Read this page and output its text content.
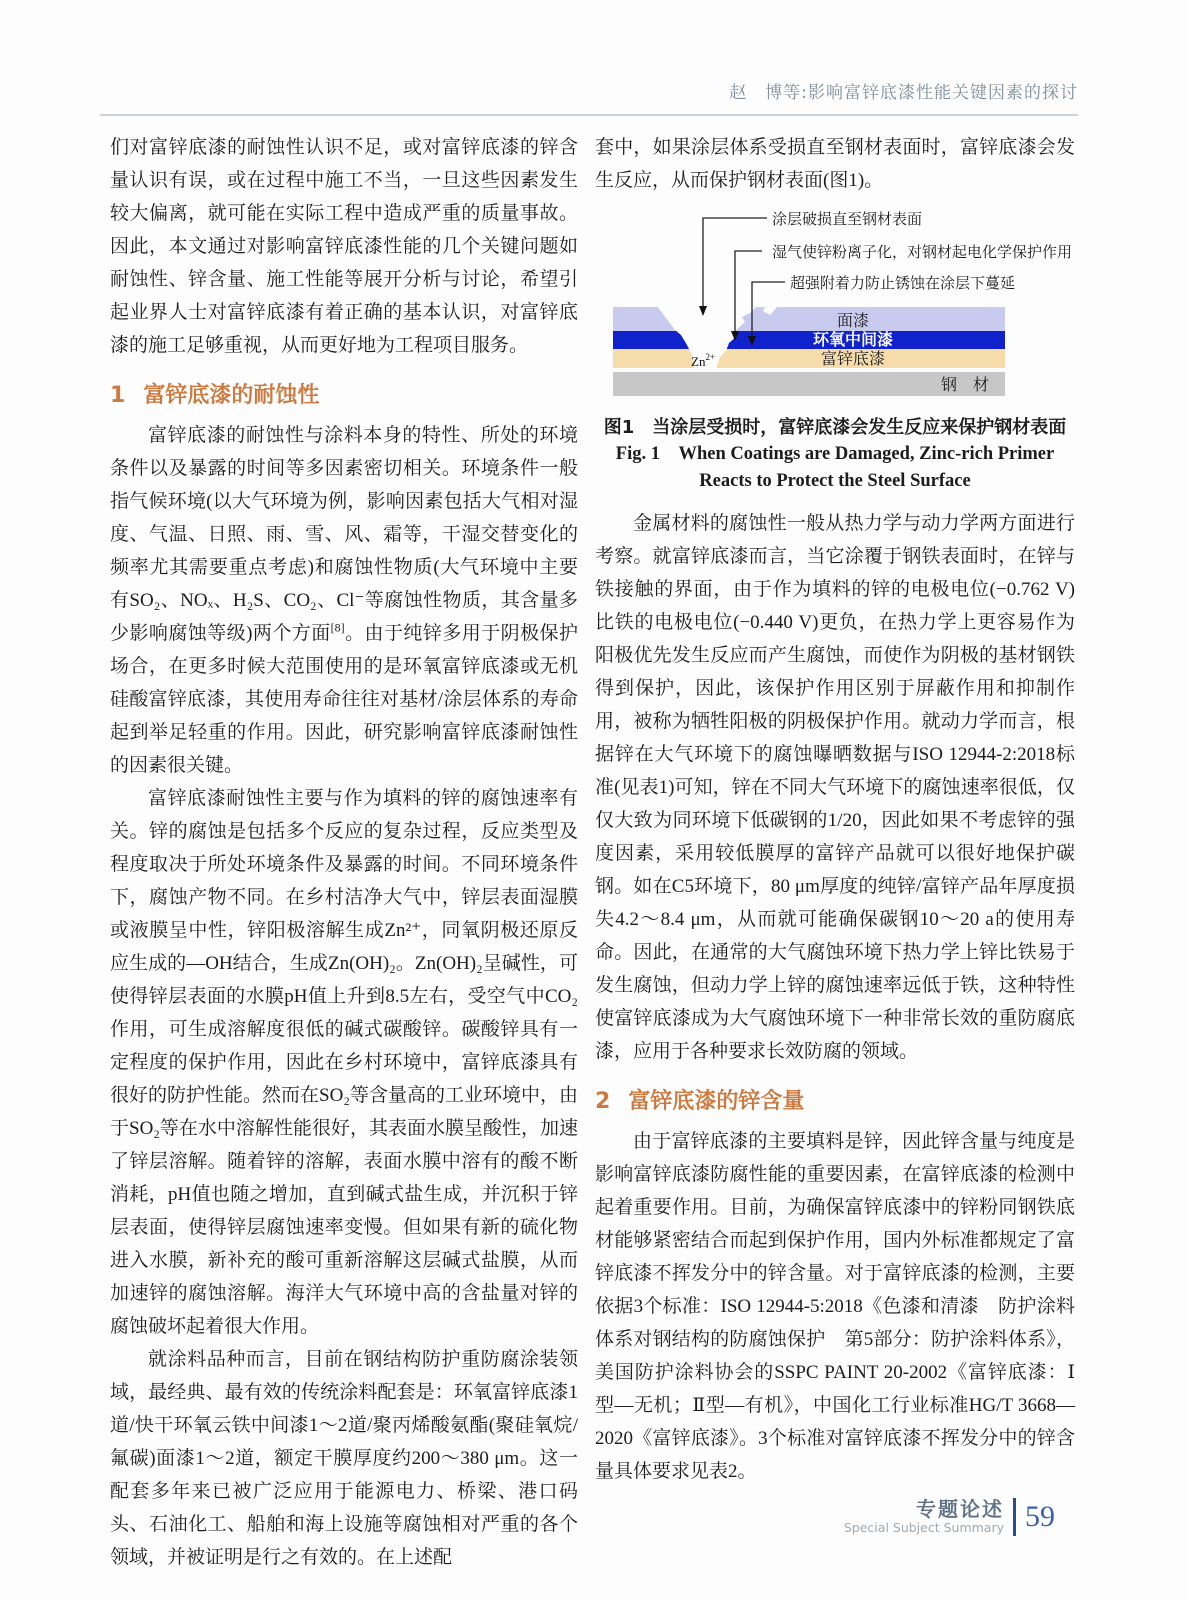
赵　博等:影响富锌底漆性能关键因素的探讨

们对富锌底漆的耐蚀性认识不足，或对富锌底漆的锌含量认识有误，或在过程中施工不当，一旦这些因素发生较大偏离，就可能在实际工程中造成严重的质量事故。因此，本文通过对影响富锌底漆性能的几个关键问题如耐蚀性、锌含量、施工性能等展开分析与讨论，希望引起业界人士对富锌底漆有着正确的基本认识，对富锌底漆的施工足够重视，从而更好地为工程项目服务。

1 富锌底漆的耐蚀性

富锌底漆的耐蚀性与涂料本身的特性、所处的环境条件以及暴露的时间等多因素密切相关。环境条件一般指气候环境(以大气环境为例，影响因素包括大气相对湿度、气温、日照、雨、雪、风、霜等，干湿交替变化的频率尤其需要重点考虑)和腐蚀性物质(大气环境中主要有SO₂、NOₓ、H₂S、CO₂、Cl⁻等腐蚀性物质，其含量多少影响腐蚀等级)两个方面[8]。由于纯锌多用于阴极保护场合，在更多时候大范围使用的是环氧富锌底漆或无机硅酸富锌底漆，其使用寿命往往对基材/涂层体系的寿命起到举足轻重的作用。因此，研究影响富锌底漆耐蚀性的因素很关键。

富锌底漆耐蚀性主要与作为填料的锌的腐蚀速率有关。锌的腐蚀是包括多个反应的复杂过程，反应类型及程度取决于所处环境条件及暴露的时间。不同环境条件下，腐蚀产物不同。在乡村洁净大气中，锌层表面湿膜或液膜呈中性，锌阳极溶解生成Zn²⁺，同氧阴极还原反应生成的—OH结合，生成Zn(OH)₂。Zn(OH)₂呈碱性，可使得锌层表面的水膜pH值上升到8.5左右，受空气中CO₂作用，可生成溶解度很低的碱式碳酸锌。碳酸锌具有一定程度的保护作用，因此在乡村环境中，富锌底漆具有很好的防护性能。然而在SO₂等含量高的工业环境中，由于SO₂等在水中溶解性能很好，其表面水膜呈酸性，加速了锌层溶解。随着锌的溶解，表面水膜中溶有的酸不断消耗，pH值也随之增加，直到碱式盐生成，并沉积于锌层表面，使得锌层腐蚀速率变慢。但如果有新的硫化物进入水膜，新补充的酸可重新溶解这层碱式盐膜，从而加速锌的腐蚀溶解。海洋大气环境中高的含盐量对锌的腐蚀破坏起着很大作用。

就涂料品种而言，目前在钢结构防护重防腐涂装领域，最经典、最有效的传统涂料配套是：环氧富锌底漆1道/快干环氧云铁中间漆1～2道/聚丙烯酸氨酯(聚硅氧烷/氟碳)面漆1～2道，额定干膜厚度约200～380 μm。这一配套多年来已被广泛应用于能源电力、桥梁、港口码头、石油化工、船舶和海上设施等腐蚀相对严重的各个领域，并被证明是行之有效的。在上述配

套中，如果涂层体系受损直至钢材表面时，富锌底漆会发生反应，从而保护钢材表面(图1)。

$Zn^{2+}$
涂层破损直至钢材表面
湿气使锌粉离子化，对钢材起电化学保护作用
超强附着力防止锈蚀在涂层下蔓延
面漆
环氧中间漆
富锌底漆
钢　材

图1　当涂层受损时，富锌底漆会发生反应来保护钢材表面

Fig. 1　When Coatings are Damaged, Zinc-rich Primer Reacts to Protect the Steel Surface

金属材料的腐蚀性一般从热力学与动力学两方面进行考察。就富锌底漆而言，当它涂覆于钢铁表面时，在锌与铁接触的界面，由于作为填料的锌的电极电位(−0.762 V)比铁的电极电位(−0.440 V)更负，在热力学上更容易作为阳极优先发生反应而产生腐蚀，而使作为阴极的基材钢铁得到保护，因此，该保护作用区别于屏蔽作用和抑制作用，被称为牺牲阳极的阴极保护作用。就动力学而言，根据锌在大气环境下的腐蚀曝晒数据与ISO 12944-2:2018标准(见表1)可知，锌在不同大气环境下的腐蚀速率很低，仅仅大致为同环境下低碳钢的1/20，因此如果不考虑锌的强度因素，采用较低膜厚的富锌产品就可以很好地保护碳钢。如在C5环境下，80 μm厚度的纯锌/富锌产品年厚度损失4.2～8.4 μm，从而就可能确保碳钢10～20 a的使用寿命。因此，在通常的大气腐蚀环境下热力学上锌比铁易于发生腐蚀，但动力学上锌的腐蚀速率远低于铁，这种特性使富锌底漆成为大气腐蚀环境下一种非常长效的重防腐底漆，应用于各种要求长效防腐的领域。

2 富锌底漆的锌含量

由于富锌底漆的主要填料是锌，因此锌含量与纯度是影响富锌底漆防腐性能的重要因素，在富锌底漆的检测中起着重要作用。目前，为确保富锌底漆中的锌粉同钢铁底材能够紧密结合而起到保护作用，国内外标准都规定了富锌底漆不挥发分中的锌含量。对于富锌底漆的检测，主要依据3个标准：ISO 12944-5:2018《色漆和清漆　防护涂料体系对钢结构的防腐蚀保护　第5部分：防护涂料体系》，美国防护涂料协会的SSPC PAINT 20-2002《富锌底漆：Ⅰ型—无机；Ⅱ型—有机》，中国化工行业标准HG/T 3668—2020《富锌底漆》。3个标准对富锌底漆不挥发分中的锌含量具体要求见表2。

专题论述
Special Subject Summary 59
